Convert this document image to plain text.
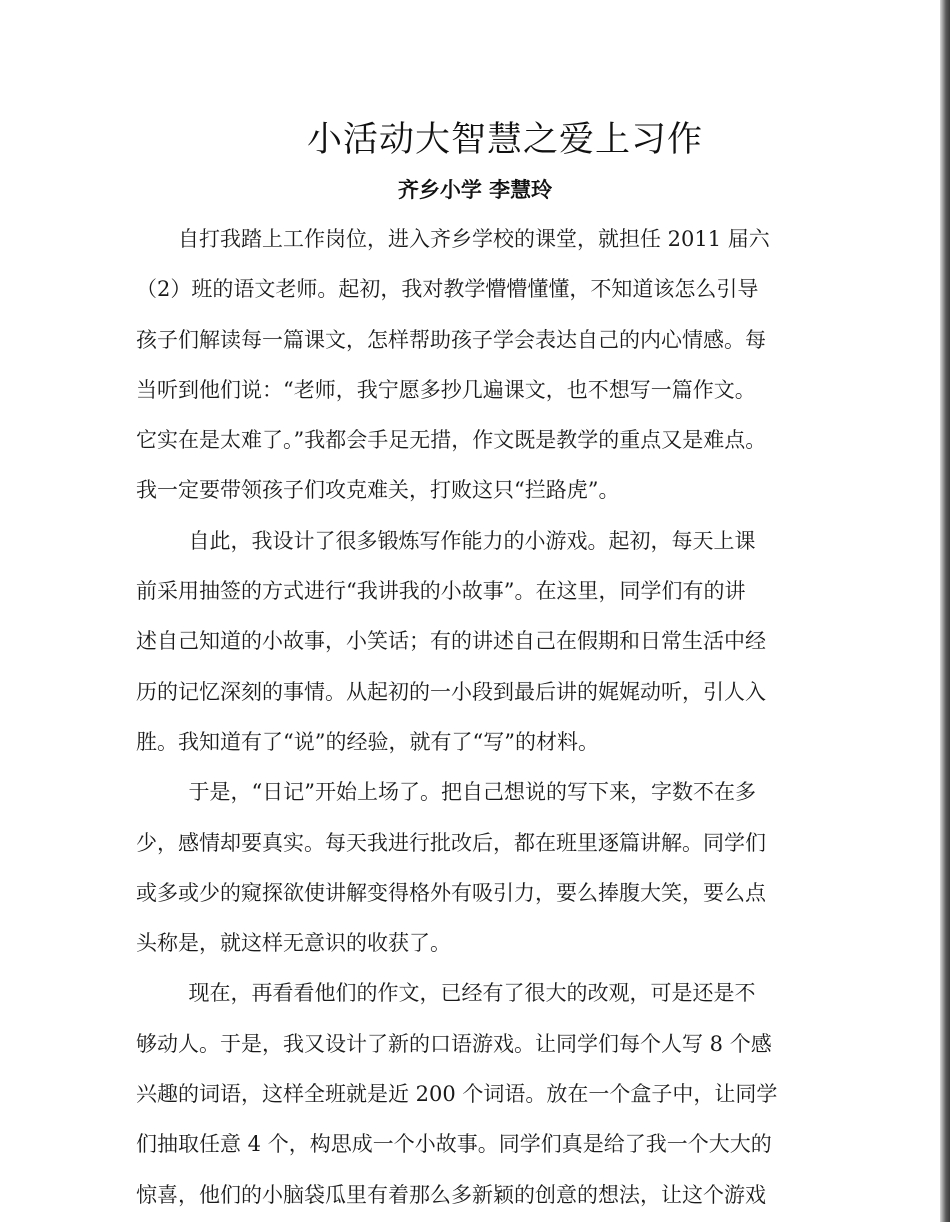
小活动大智慧之爱上习作
齐乡小学 李慧玲

自打我踏上工作岗位，进入齐乡学校的课堂，就担任 2011 届六
（2）班的语文老师。起初，我对教学懵懵懂懂，不知道该怎么引导
孩子们解读每一篇课文，怎样帮助孩子学会表达自己的内心情感。每
当听到他们说：“老师，我宁愿多抄几遍课文，也不想写一篇作文。
它实在是太难了。”我都会手足无措，作文既是教学的重点又是难点。
我一定要带领孩子们攻克难关，打败这只“拦路虎”。

自此，我设计了很多锻炼写作能力的小游戏。起初，每天上课
前采用抽签的方式进行“我讲我的小故事”。在这里，同学们有的讲
述自己知道的小故事，小笑话；有的讲述自己在假期和日常生活中经
历的记忆深刻的事情。从起初的一小段到最后讲的娓娓动听，引人入
胜。我知道有了“说”的经验，就有了“写”的材料。

于是，“日记”开始上场了。把自己想说的写下来，字数不在多
少，感情却要真实。每天我进行批改后，都在班里逐篇讲解。同学们
或多或少的窥探欲使讲解变得格外有吸引力，要么捧腹大笑，要么点
头称是，就这样无意识的收获了。

现在，再看看他们的作文，已经有了很大的改观，可是还是不
够动人。于是，我又设计了新的口语游戏。让同学们每个人写 8 个感
兴趣的词语，这样全班就是近 200 个词语。放在一个盒子中，让同学
们抽取任意 4 个，构思成一个小故事。同学们真是给了我一个大大的
惊喜，他们的小脑袋瓜里有着那么多新颖的创意的想法，让这个游戏
